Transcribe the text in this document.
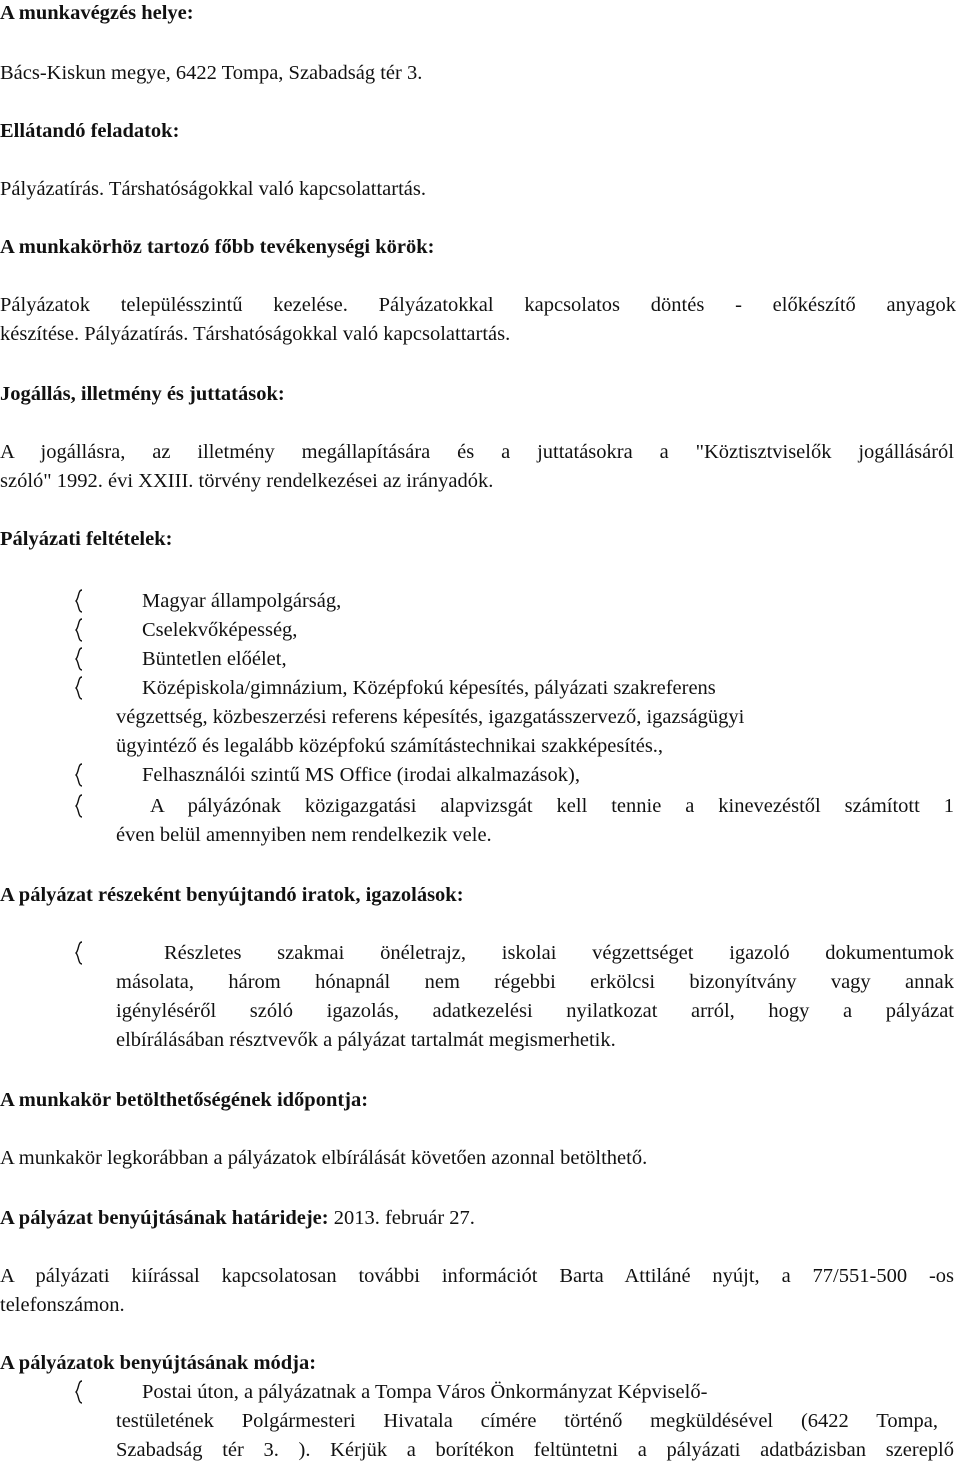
A munkavégzés helye:
Bács-Kiskun megye, 6422 Tompa, Szabadság tér 3.
Ellátandó feladatok:
Pályázatírás. Társhatóságokkal való kapcsolattartás.
A munkakörhöz tartozó főbb tevékenységi körök:
Pályázatok településszintű kezelése. Pályázatokkal kapcsolatos döntés - előkészítő anyagok
készítése. Pályázatírás. Társhatóságokkal való kapcsolattartás.
Jogállás, illetmény és juttatások:
A jogállásra, az illetmény megállapítására és a juttatásokra a "Köztisztviselők jogállásáról
szóló" 1992. évi XXIII. törvény rendelkezései az irányadók.
Pályázati feltételek:
Magyar állampolgárság,
Cselekvőképesség,
Büntetlen előélet,
Középiskola/gimnázium, Középfokú képesítés, pályázati szakreferens
végzettség, közbeszerzési referens képesítés, igazgatásszervező, igazságügyi
ügyintéző és legalább középfokú számítástechnikai szakképesítés.,
Felhasználói szintű MS Office (irodai alkalmazások),
A pályázónak közigazgatási alapvizsgát kell tennie a kinevezéstől számított 1
éven belül amennyiben nem rendelkezik vele.
A pályázat részeként benyújtandó iratok, igazolások:
Részletes szakmai önéletrajz, iskolai végzettséget igazoló dokumentumok
másolata, három hónapnál nem régebbi erkölcsi bizonyítvány vagy annak
igényléséről szóló igazolás, adatkezelési nyilatkozat arról, hogy a pályázat
elbírálásában résztvevők a pályázat tartalmát megismerhetik.
A munkakör betölthetőségének időpontja:
A munkakör legkorábban a pályázatok elbírálását követően azonnal betölthető.
A pályázat benyújtásának határideje: 2013. február 27.
A pályázati kiírással kapcsolatosan további információt Barta Attiláné nyújt, a 77/551-500 -os
telefonszámon.
A pályázatok benyújtásának módja:
Postai úton, a pályázatnak a Tompa Város Önkormányzat Képviselő-
testületének Polgármesteri Hivatala címére történő megküldésével (6422 Tompa,
Szabadság tér 3. ). Kérjük a borítékon feltüntetni a pályázati adatbázisban szereplő
